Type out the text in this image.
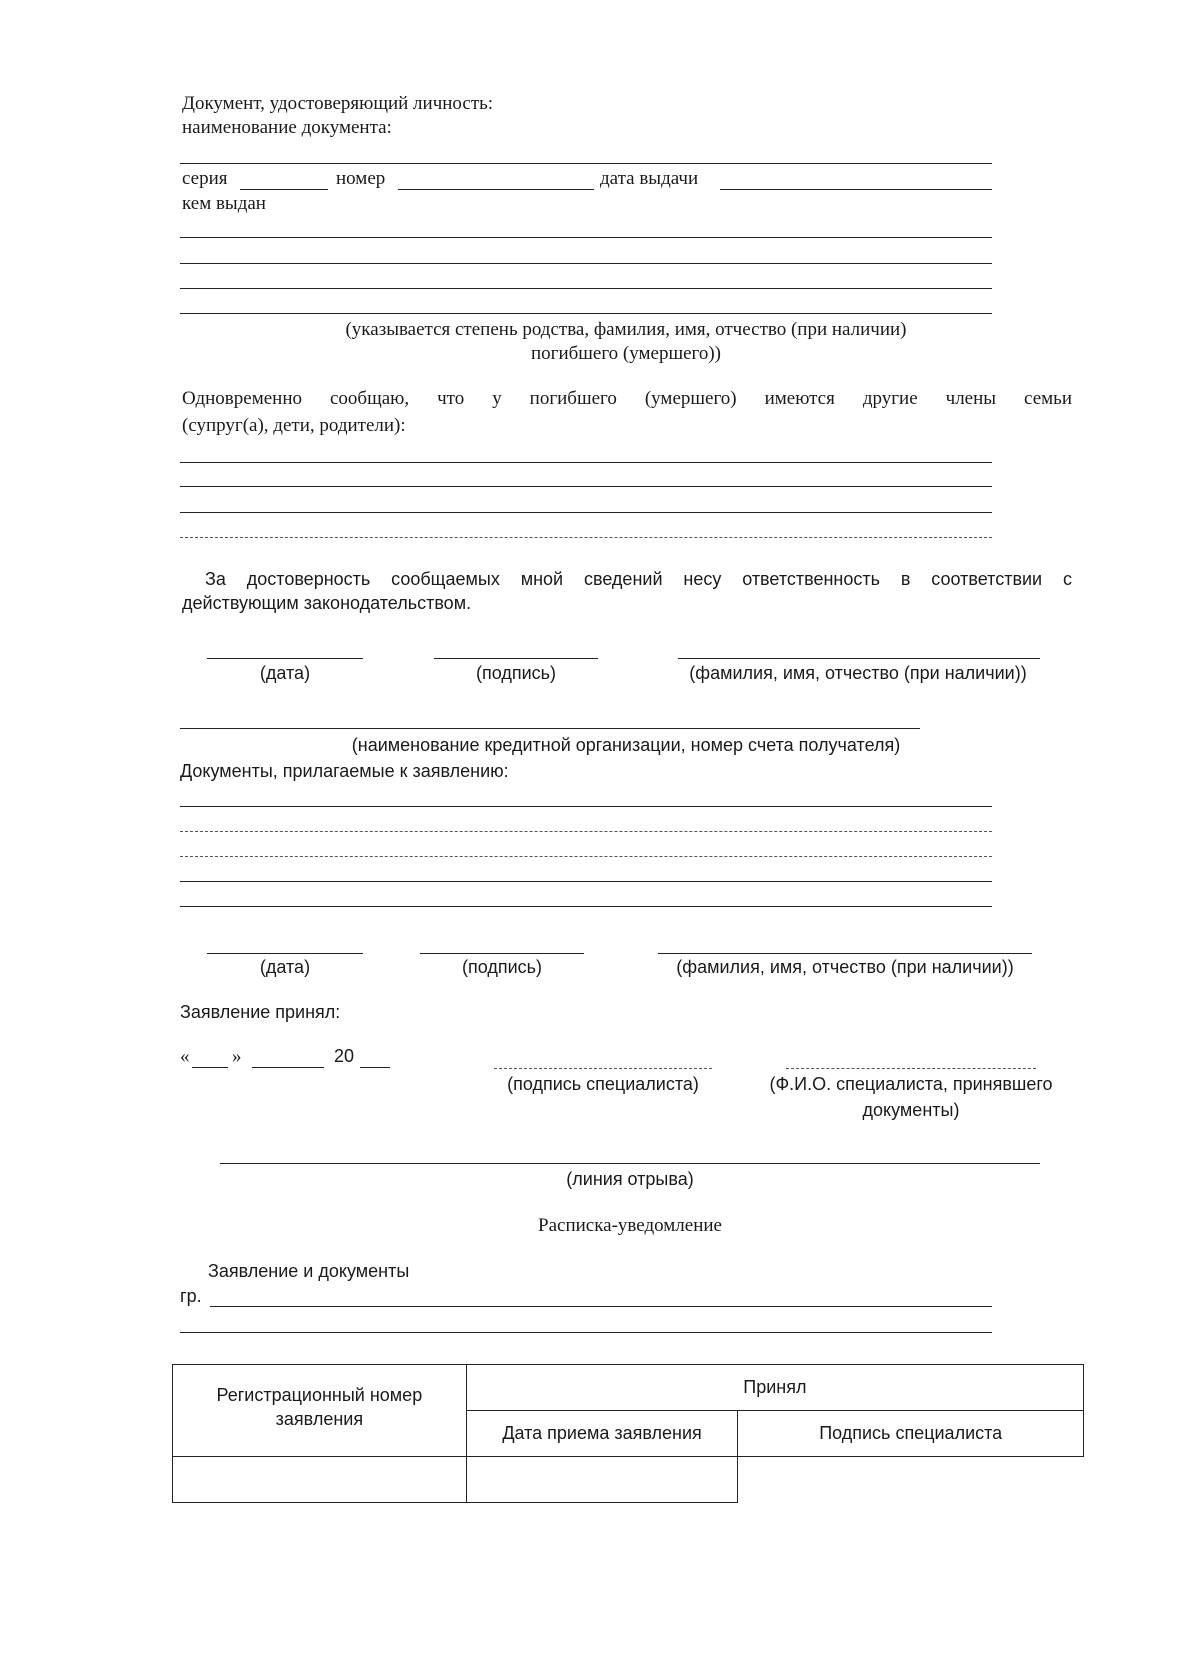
Документ, удостоверяющий личность:
наименование документа:
серия	номер	дата выдачи
кем выдан
(указывается степень родства, фамилия, имя, отчество (при наличии)
погибшего (умершего))
Одновременно сообщаю, что у погибшего (умершего) имеются другие члены семьи
(супруг(а), дети, родители):
За достоверность сообщаемых мной сведений несу ответственность в соответствии с
действующим законодательством.
(дата)	(подпись)	(фамилия, имя, отчество (при наличии))
(наименование кредитной организации, номер счета получателя)
Документы, прилагаемые к заявлению:
(дата)	(подпись)	(фамилия, имя, отчество (при наличии))
Заявление принял:
« »	20
(подпись специалиста)	(Ф.И.О. специалиста, принявшего
документы)
(линия отрыва)
Расписка-уведомление
Заявление и документы
гр.
Регистрационный номер
заявления	Принял	
	Дата приема заявления	Подпись специалиста
